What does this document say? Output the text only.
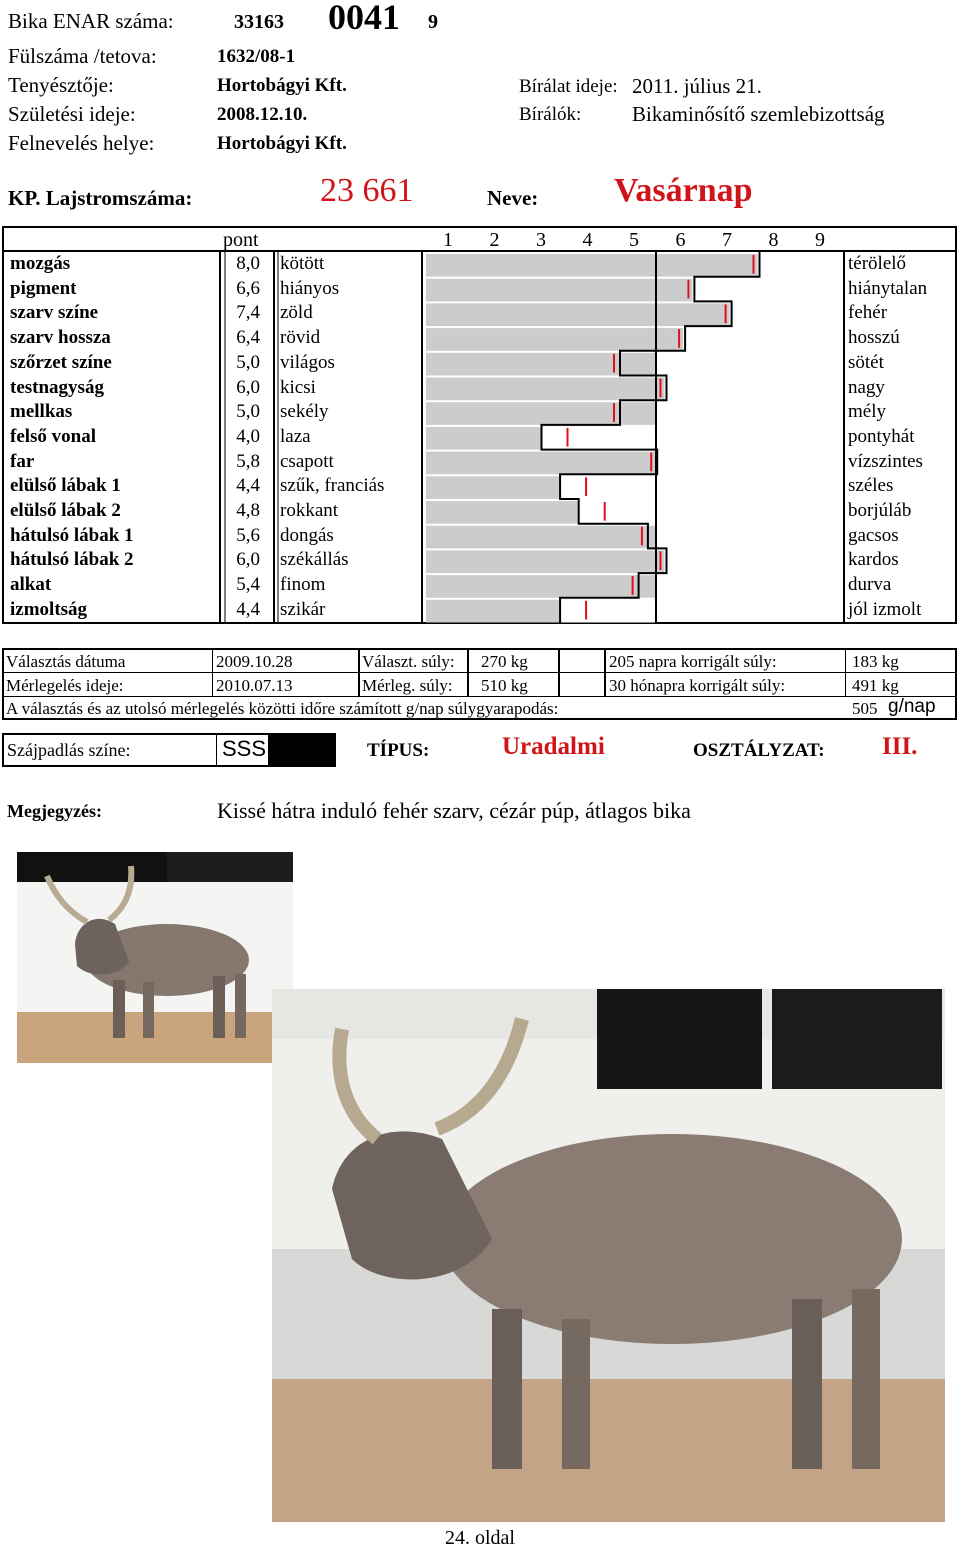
Bika ENAR száma:	33163 0041 9
Fülszáma /tetova:	1632/08-1
Tenyésztője:	Hortobágyi Kft.	Bírálat ideje: 2011. július 21.
Születési ideje:	2008.12.10.	Bírálók: Bikaminősítő szemlebizottság
Felnevelés helye:	Hortobágyi Kft.
KP. Lajstromszáma:	23 661	Neve: Vasárnap
pont	1 2 3 4 5 6 7 8 9
mozgás	8,0 kötött	térölelő
pigment	6,6 hiányos	hiánytalan
szarv színe	7,4 zöld	fehér
szarv hossza	6,4 rövid	hosszú
szőrzet színe	5,0 világos	sötét
testnagyság	6,0 kicsi	nagy
mellkas	5,0 sekély	mély
felső vonal	4,0 laza	pontyhát
far	5,8 csapott	vízszintes
elülső lábak 1	4,4 szűk, franciás	széles
elülső lábak 2	4,8 rokkant	borjúláb
hátulsó lábak 1	5,6 dongás	gacsos
hátulsó lábak 2	6,0 székállás	kardos
alkat	5,4 finom	durva
izmoltság	4,4 szikár	jól izmolt
Választás dátuma	2009.10.28	Választ. súly: 270 kg	205 napra korrigált súly:	183 kg
Mérlegelés ideje:	2010.07.13	Mérleg. súly: 510 kg	30 hónapra korrigált súly:	491 kg
A választás és az utolsó mérlegelés közötti időre számított g/nap súlygyarapodás:	505 g/nap
Szájpadlás színe:	SSS	TÍPUS:	Uradalmi	OSZTÁLYZAT: III.
Megjegyzés:	Kissé hátra induló fehér szarv, cézár púp, átlagos bika
24. oldal
